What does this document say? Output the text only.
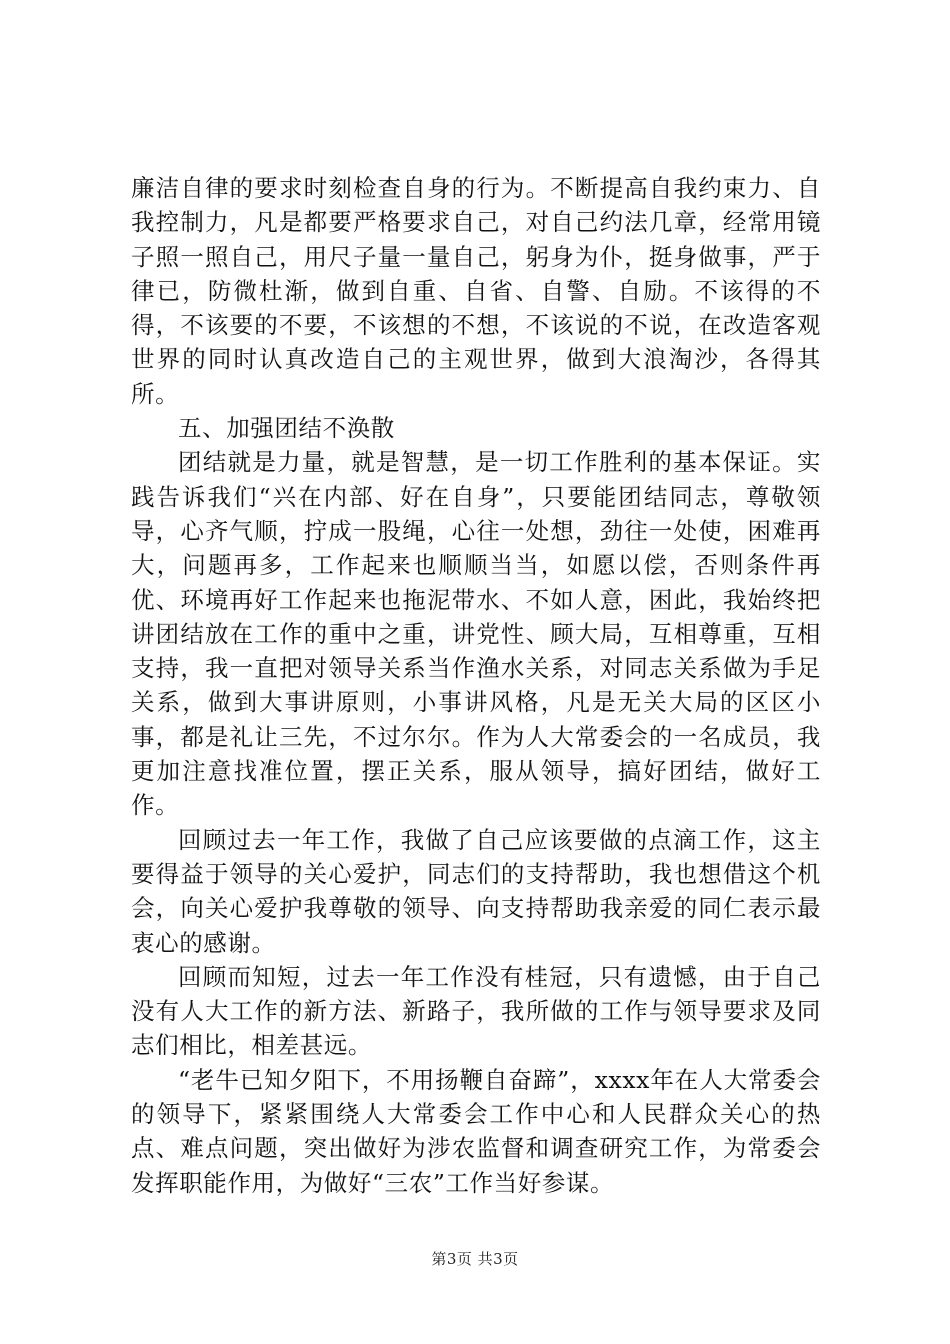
廉洁自律的要求时刻检查自身的行为。不断提高自我约束力、自我控制力，凡是都要严格要求自己，对自己约法几章，经常用镜子照一照自己，用尺子量一量自己，躬身为仆，挺身做事，严于律已，防微杜渐，做到自重、自省、自警、自励。不该得的不得，不该要的不要，不该想的不想，不该说的不说，在改造客观世界的同时认真改造自己的主观世界，做到大浪淘沙，各得其所。

五、加强团结不涣散

团结就是力量，就是智慧，是一切工作胜利的基本保证。实践告诉我们“兴在内部、好在自身”，只要能团结同志，尊敬领导，心齐气顺，拧成一股绳，心往一处想，劲往一处使，困难再大，问题再多，工作起来也顺顺当当，如愿以偿，否则条件再优、环境再好工作起来也拖泥带水、不如人意，困此，我始终把讲团结放在工作的重中之重，讲党性、顾大局，互相尊重，互相支持，我一直把对领导关系当作渔水关系，对同志关系做为手足关系，做到大事讲原则，小事讲风格，凡是无关大局的区区小事，都是礼让三先，不过尔尔。作为人大常委会的一名成员，我更加注意找准位置，摆正关系，服从领导，搞好团结，做好工作。

回顾过去一年工作，我做了自己应该要做的点滴工作，这主要得益于领导的关心爱护，同志们的支持帮助，我也想借这个机会，向关心爱护我尊敬的领导、向支持帮助我亲爱的同仁表示最衷心的感谢。

回顾而知短，过去一年工作没有桂冠，只有遗憾，由于自己没有人大工作的新方法、新路子，我所做的工作与领导要求及同志们相比，相差甚远。

“老牛已知夕阳下，不用扬鞭自奋蹄”，xxxx年在人大常委会的领导下，紧紧围绕人大常委会工作中心和人民群众关心的热点、难点问题，突出做好为涉农监督和调查研究工作，为常委会发挥职能作用，为做好“三农”工作当好参谋。

第3页 共3页
